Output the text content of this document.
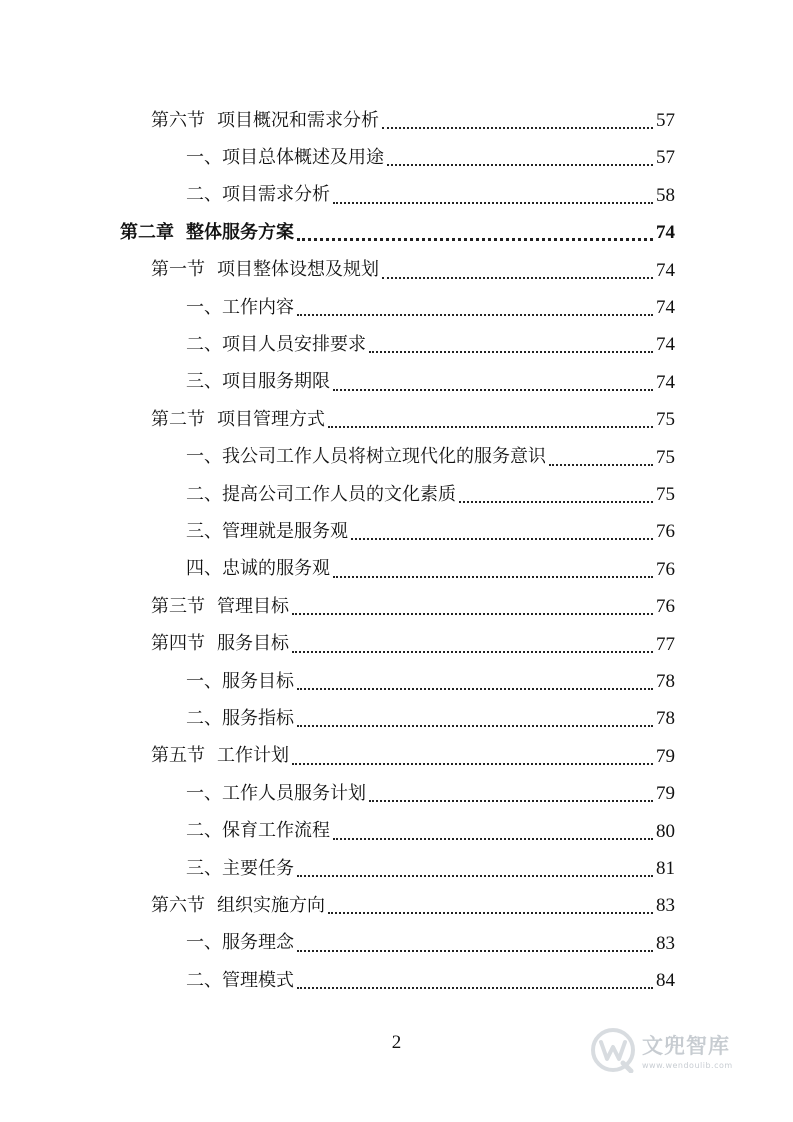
第六节 项目概况和需求分析	57
一、 项目总体概述及用途	57
二、 项目需求分析	58
第二章 整体服务方案	74
第一节 项目整体设想及规划	74
一、 工作内容	74
二、 项目人员安排要求	74
三、 项目服务期限	74
第二节 项目管理方式	75
一、 我公司工作人员将树立现代化的服务意识	75
二、 提高公司工作人员的文化素质	75
三、 管理就是服务观	76
四、 忠诚的服务观	76
第三节 管理目标	76
第四节 服务目标	77
一、 服务目标	78
二、 服务指标	78
第五节 工作计划	79
一、 工作人员服务计划	79
二、 保育工作流程	80
三、 主要任务	81
第六节 组织实施方向	83
一、 服务理念	83
二、 管理模式	84
2	文兜智库
www.wendoulib.com
